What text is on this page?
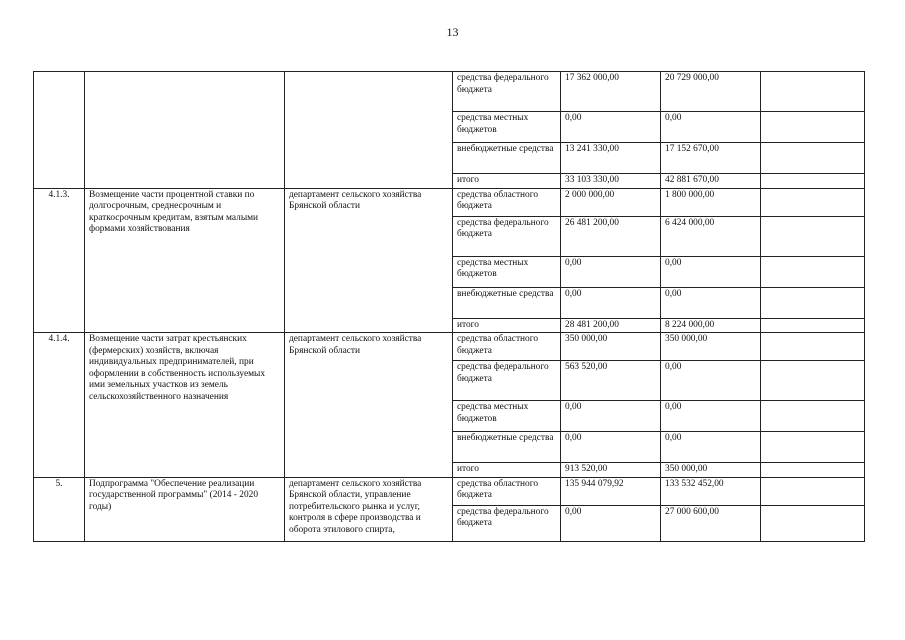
13
			средства федерального бюджета	17 362 000,00	20 729 000,00	
			средства местных бюджетов	0,00	0,00	
			внебюджетные средства	13 241 330,00	17 152 670,00	
			итого	33 103 330,00	42 881 670,00	
4.1.3.	Возмещение части процентной ставки по долгосрочным, среднесрочным и краткосрочным кредитам, взятым малыми формами хозяйствования	департамент сельского хозяйства Брянской области	средства областного бюджета	2 000 000,00	1 800 000,00	
			средства федерального бюджета	26 481 200,00	6 424 000,00	
			средства местных бюджетов	0,00	0,00	
			внебюджетные средства	0,00	0,00	
			итого	28 481 200,00	8 224 000,00	
4.1.4.	Возмещение части затрат крестьянских (фермерских) хозяйств, включая индивидуальных предпринимателей, при оформлении в собственность используемых ими земельных участков из земель сельскохозяйственного назначения	департамент сельского хозяйства Брянской области	средства областного бюджета	350 000,00	350 000,00	
			средства федерального бюджета	563 520,00	0,00	
			средства местных бюджетов	0,00	0,00	
			внебюджетные средства	0,00	0,00	
			итого	913 520,00	350 000,00	
5.	Подпрограмма "Обеспечение реализации государственной программы" (2014 - 2020 годы)	департамент сельского хозяйства Брянской области, управление потребительского рынка и услуг, контроля в сфере производства и оборота этилового спирта,	средства областного бюджета	135 944 079,92	133 532 452,00	
			средства федерального бюджета	0,00	27 000 600,00	
